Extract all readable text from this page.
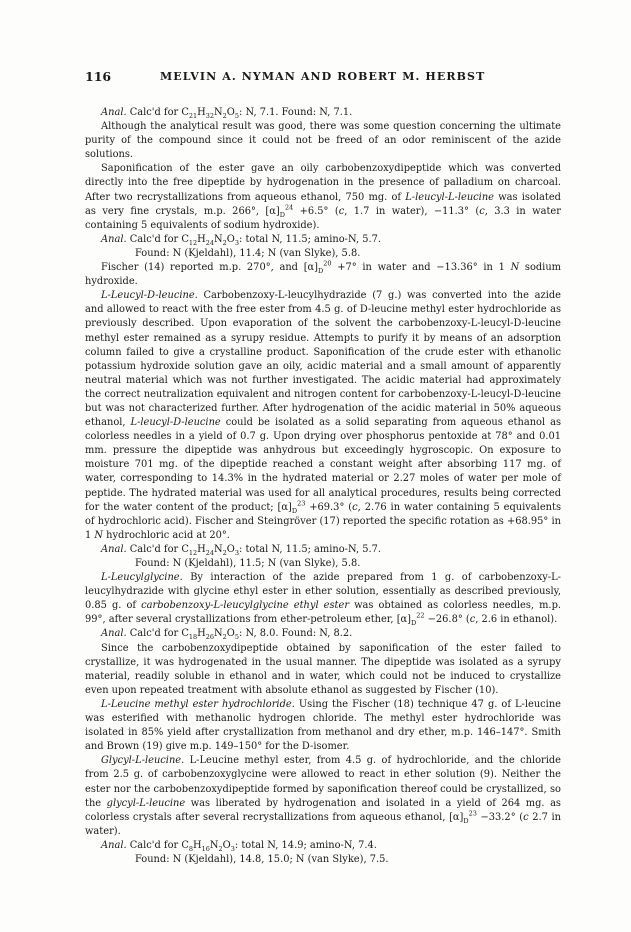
116	MELVIN A. NYMAN AND ROBERT M. HERBST

Anal. Calc'd for $C_{21}H_{32}N_2O_5$: N, 7.1. Found: N, 7.1.

Although the analytical result was good, there was some question concerning the ultimate purity of the compound since it could not be freed of an odor reminiscent of the azide solutions.

Saponification of the ester gave an oily carbobenzoxydipeptide which was converted directly into the free dipeptide by hydrogenation in the presence of palladium on charcoal. After two recrystallizations from aqueous ethanol, 750 mg. of L-leucyl-L-leucine was isolated as very fine crystals, m.p. 266°, $[\alpha]_D^{24} +6.5^\circ$ (c, 1.7 in water), −11.3° (c, 3.3 in water containing 5 equivalents of sodium hydroxide).

Anal. Calc'd for $C_{12}H_{24}N_2O_3$: total N, 11.5; amino-N, 5.7.

Found: N (Kjeldahl), 11.4; N (van Slyke), 5.8.

Fischer (14) reported m.p. 270°, and $[\alpha]_D^{20} +7^\circ$ in water and −13.36° in 1 N sodium hydroxide.

L-Leucyl-D-leucine. Carbobenzoxy-L-leucylhydrazide (7 g.) was converted into the azide and allowed to react with the free ester from 4.5 g. of D-leucine methyl ester hydrochloride as previously described. Upon evaporation of the solvent the carbobenzoxy-L-leucyl-D-leucine methyl ester remained as a syrupy residue. Attempts to purify it by means of an adsorption column failed to give a crystalline product. Saponification of the crude ester with ethanolic potassium hydroxide solution gave an oily, acidic material and a small amount of apparently neutral material which was not further investigated. The acidic material had approximately the correct neutralization equivalent and nitrogen content for carbobenzoxy-L-leucyl-D-leucine but was not characterized further. After hydrogenation of the acidic material in 50% aqueous ethanol, L-leucyl-D-leucine could be isolated as a solid separating from aqueous ethanol as colorless needles in a yield of 0.7 g. Upon drying over phosphorus pentoxide at 78° and 0.01 mm. pressure the dipeptide was anhydrous but exceedingly hygroscopic. On exposure to moisture 701 mg. of the dipeptide reached a constant weight after absorbing 117 mg. of water, corresponding to 14.3% in the hydrated material or 2.27 moles of water per mole of peptide. The hydrated material was used for all analytical procedures, results being corrected for the water content of the product; $[\alpha]_D^{23} +69.3^\circ$ (c, 2.76 in water containing 5 equivalents of hydrochloric acid). Fischer and Steingröver (17) reported the specific rotation as +68.95° in 1 N hydrochloric acid at 20°.

Anal. Calc'd for $C_{12}H_{24}N_2O_3$: total N, 11.5; amino-N, 5.7.

Found: N (Kjeldahl), 11.5; N (van Slyke), 5.8.

L-Leucylglycine. By interaction of the azide prepared from 1 g. of carbobenzoxy-L-leucylhydrazide with glycine ethyl ester in ether solution, essentially as described previously, 0.85 g. of carbobenzoxy-L-leucylglycine ethyl ester was obtained as colorless needles, m.p. 99°, after several crystallizations from ether-petroleum ether, $[\alpha]_D^{22} -26.8^\circ$ (c, 2.6 in ethanol).

Anal. Calc'd for $C_{18}H_{26}N_2O_5$: N, 8.0. Found: N, 8.2.

Since the carbobenzoxydipeptide obtained by saponification of the ester failed to crystallize, it was hydrogenated in the usual manner. The dipeptide was isolated as a syrupy material, readily soluble in ethanol and in water, which could not be induced to crystallize even upon repeated treatment with absolute ethanol as suggested by Fischer (10).

L-Leucine methyl ester hydrochloride. Using the Fischer (18) technique 47 g. of L-leucine was esterified with methanolic hydrogen chloride. The methyl ester hydrochloride was isolated in 85% yield after crystallization from methanol and dry ether, m.p. 146–147°. Smith and Brown (19) give m.p. 149–150° for the D-isomer.

Glycyl-L-leucine. L-Leucine methyl ester, from 4.5 g. of hydrochloride, and the chloride from 2.5 g. of carbobenzoxyglycine were allowed to react in ether solution (9). Neither the ester nor the carbobenzoxydipeptide formed by saponification thereof could be crystallized, so the glycyl-L-leucine was liberated by hydrogenation and isolated in a yield of 264 mg. as colorless crystals after several recrystallizations from aqueous ethanol, $[\alpha]_D^{23} -33.2^\circ$ (c 2.7 in water).

Anal. Calc'd for $C_8H_{16}N_2O_3$: total N, 14.9; amino-N, 7.4.

Found: N (Kjeldahl), 14.8, 15.0; N (van Slyke), 7.5.
